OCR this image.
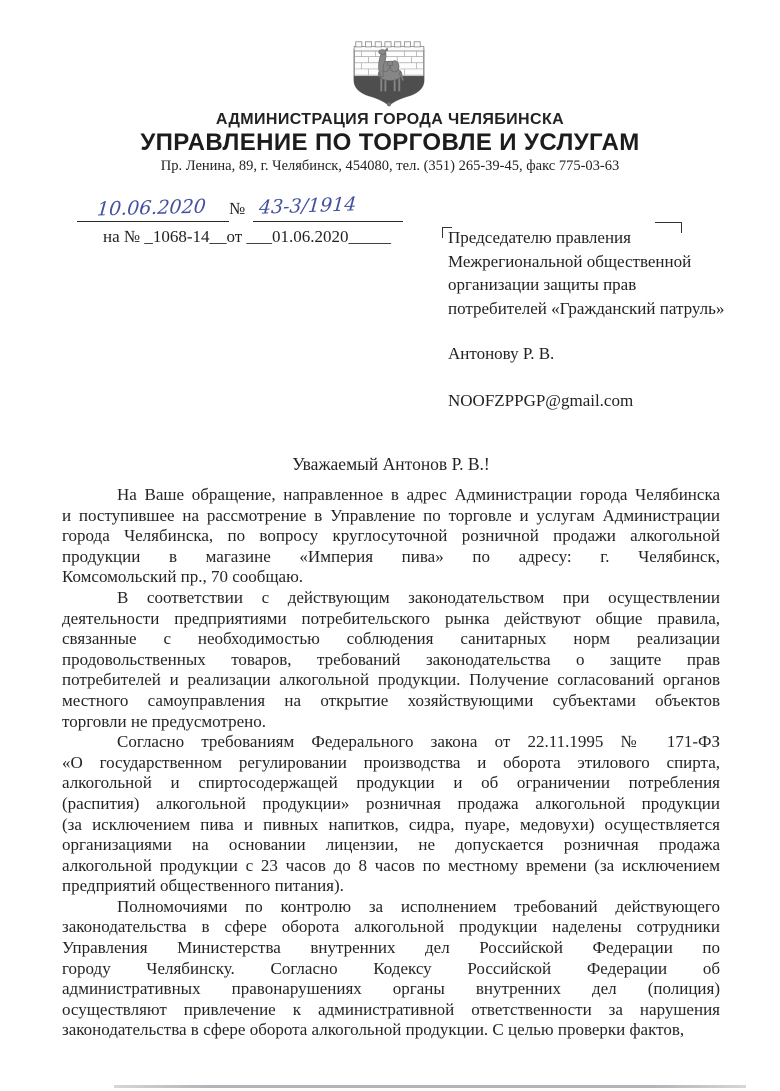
АДМИНИСТРАЦИЯ ГОРОДА ЧЕЛЯБИНСКА
УПРАВЛЕНИЕ ПО ТОРГОВЛЕ И УСЛУГАМ
Пр. Ленина, 89, г. Челябинск, 454080, тел. (351) 265-39-45, факс 775-03-63
10.06.2020 № 43-3/1914
на № _1068-14__от ___01.06.2020_____	Председателю правления
Межрегиональной общественной
организации защиты прав
потребителей «Гражданский патруль»
Антонову Р. В.
NOOFZPPGP@gmail.com
Уважаемый Антонов Р. В.!
На Ваше обращение, направленное в адрес Администрации города Челябинска
и поступившее на рассмотрение в Управление по торговле и услугам Администрации
города Челябинска, по вопросу круглосуточной розничной продажи алкогольной
продукции в магазине «Империя пива» по адресу: г. Челябинск,
Комсомольский пр., 70 сообщаю.
В соответствии с действующим законодательством при осуществлении
деятельности предприятиями потребительского рынка действуют общие правила,
связанные с необходимостью соблюдения санитарных норм реализации
продовольственных товаров, требований законодательства о защите прав
потребителей и реализации алкогольной продукции. Получение согласований органов
местного самоуправления на открытие хозяйствующими субъектами объектов
торговли не предусмотрено.
Согласно требованиям Федерального закона от 22.11.1995 № 171-ФЗ
«О государственном регулировании производства и оборота этилового спирта,
алкогольной и спиртосодержащей продукции и об ограничении потребления
(распития) алкогольной продукции» розничная продажа алкогольной продукции
(за исключением пива и пивных напитков, сидра, пуаре, медовухи) осуществляется
организациями на основании лицензии, не допускается розничная продажа
алкогольной продукции с 23 часов до 8 часов по местному времени (за исключением
предприятий общественного питания).
Полномочиями по контролю за исполнением требований действующего
законодательства в сфере оборота алкогольной продукции наделены сотрудники
Управления Министерства внутренних дел Российской Федерации по
городу Челябинску. Согласно Кодексу Российской Федерации об
административных правонарушениях органы внутренних дел (полиция)
осуществляют привлечение к административной ответственности за нарушения
законодательства в сфере оборота алкогольной продукции. С целью проверки фактов,
